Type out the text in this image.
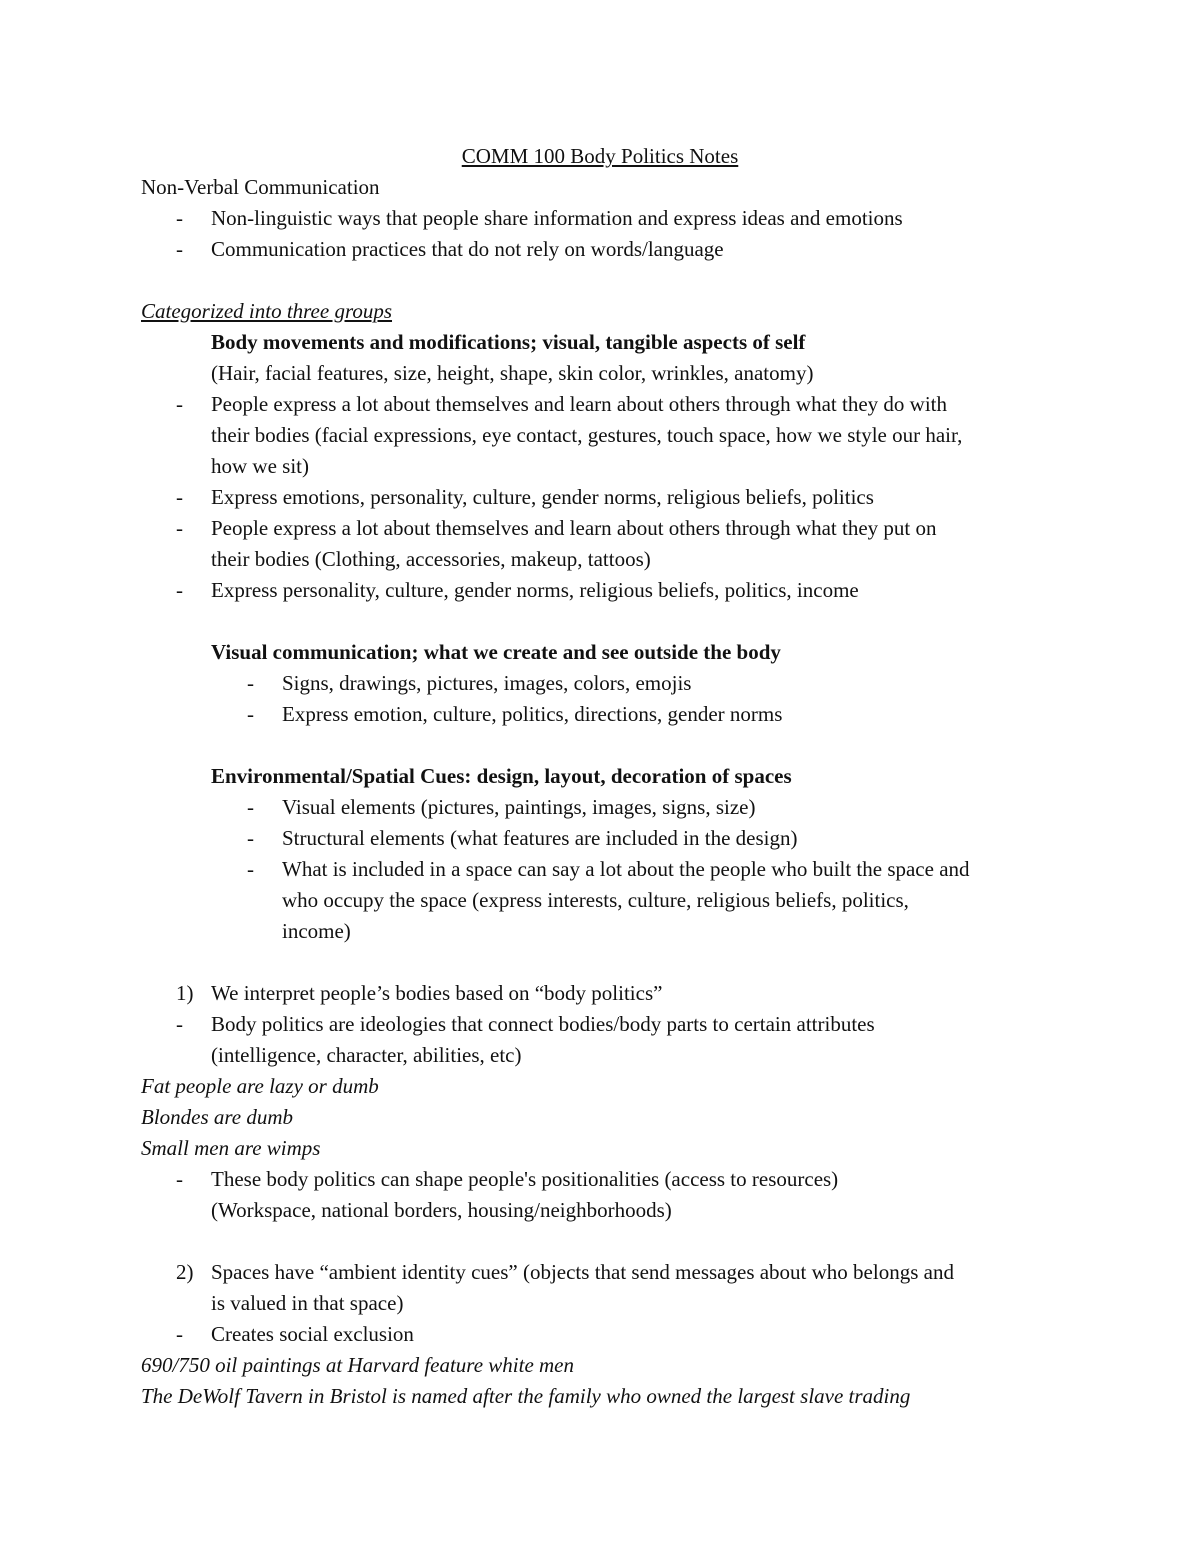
COMM 100 Body Politics Notes
Non-Verbal Communication
- Non-linguistic ways that people share information and express ideas and emotions
- Communication practices that do not rely on words/language
Categorized into three groups
Body movements and modifications; visual, tangible aspects of self
(Hair, facial features, size, height, shape, skin color, wrinkles, anatomy)
- People express a lot about themselves and learn about others through what they do with
their bodies (facial expressions, eye contact, gestures, touch space, how we style our hair,
how we sit)
- Express emotions, personality, culture, gender norms, religious beliefs, politics
- People express a lot about themselves and learn about others through what they put on
their bodies (Clothing, accessories, makeup, tattoos)
- Express personality, culture, gender norms, religious beliefs, politics, income
Visual communication; what we create and see outside the body
- Signs, drawings, pictures, images, colors, emojis
- Express emotion, culture, politics, directions, gender norms
Environmental/Spatial Cues: design, layout, decoration of spaces
- Visual elements (pictures, paintings, images, signs, size)
- Structural elements (what features are included in the design)
- What is included in a space can say a lot about the people who built the space and
who occupy the space (express interests, culture, religious beliefs, politics,
income)
1) We interpret people’s bodies based on “body politics”
- Body politics are ideologies that connect bodies/body parts to certain attributes
(intelligence, character, abilities, etc)
Fat people are lazy or dumb
Blondes are dumb
Small men are wimps
- These body politics can shape people's positionalities (access to resources)
(Workspace, national borders, housing/neighborhoods)
2) Spaces have “ambient identity cues” (objects that send messages about who belongs and
is valued in that space)
- Creates social exclusion
690/750 oil paintings at Harvard feature white men
The DeWolf Tavern in Bristol is named after the family who owned the largest slave trading
